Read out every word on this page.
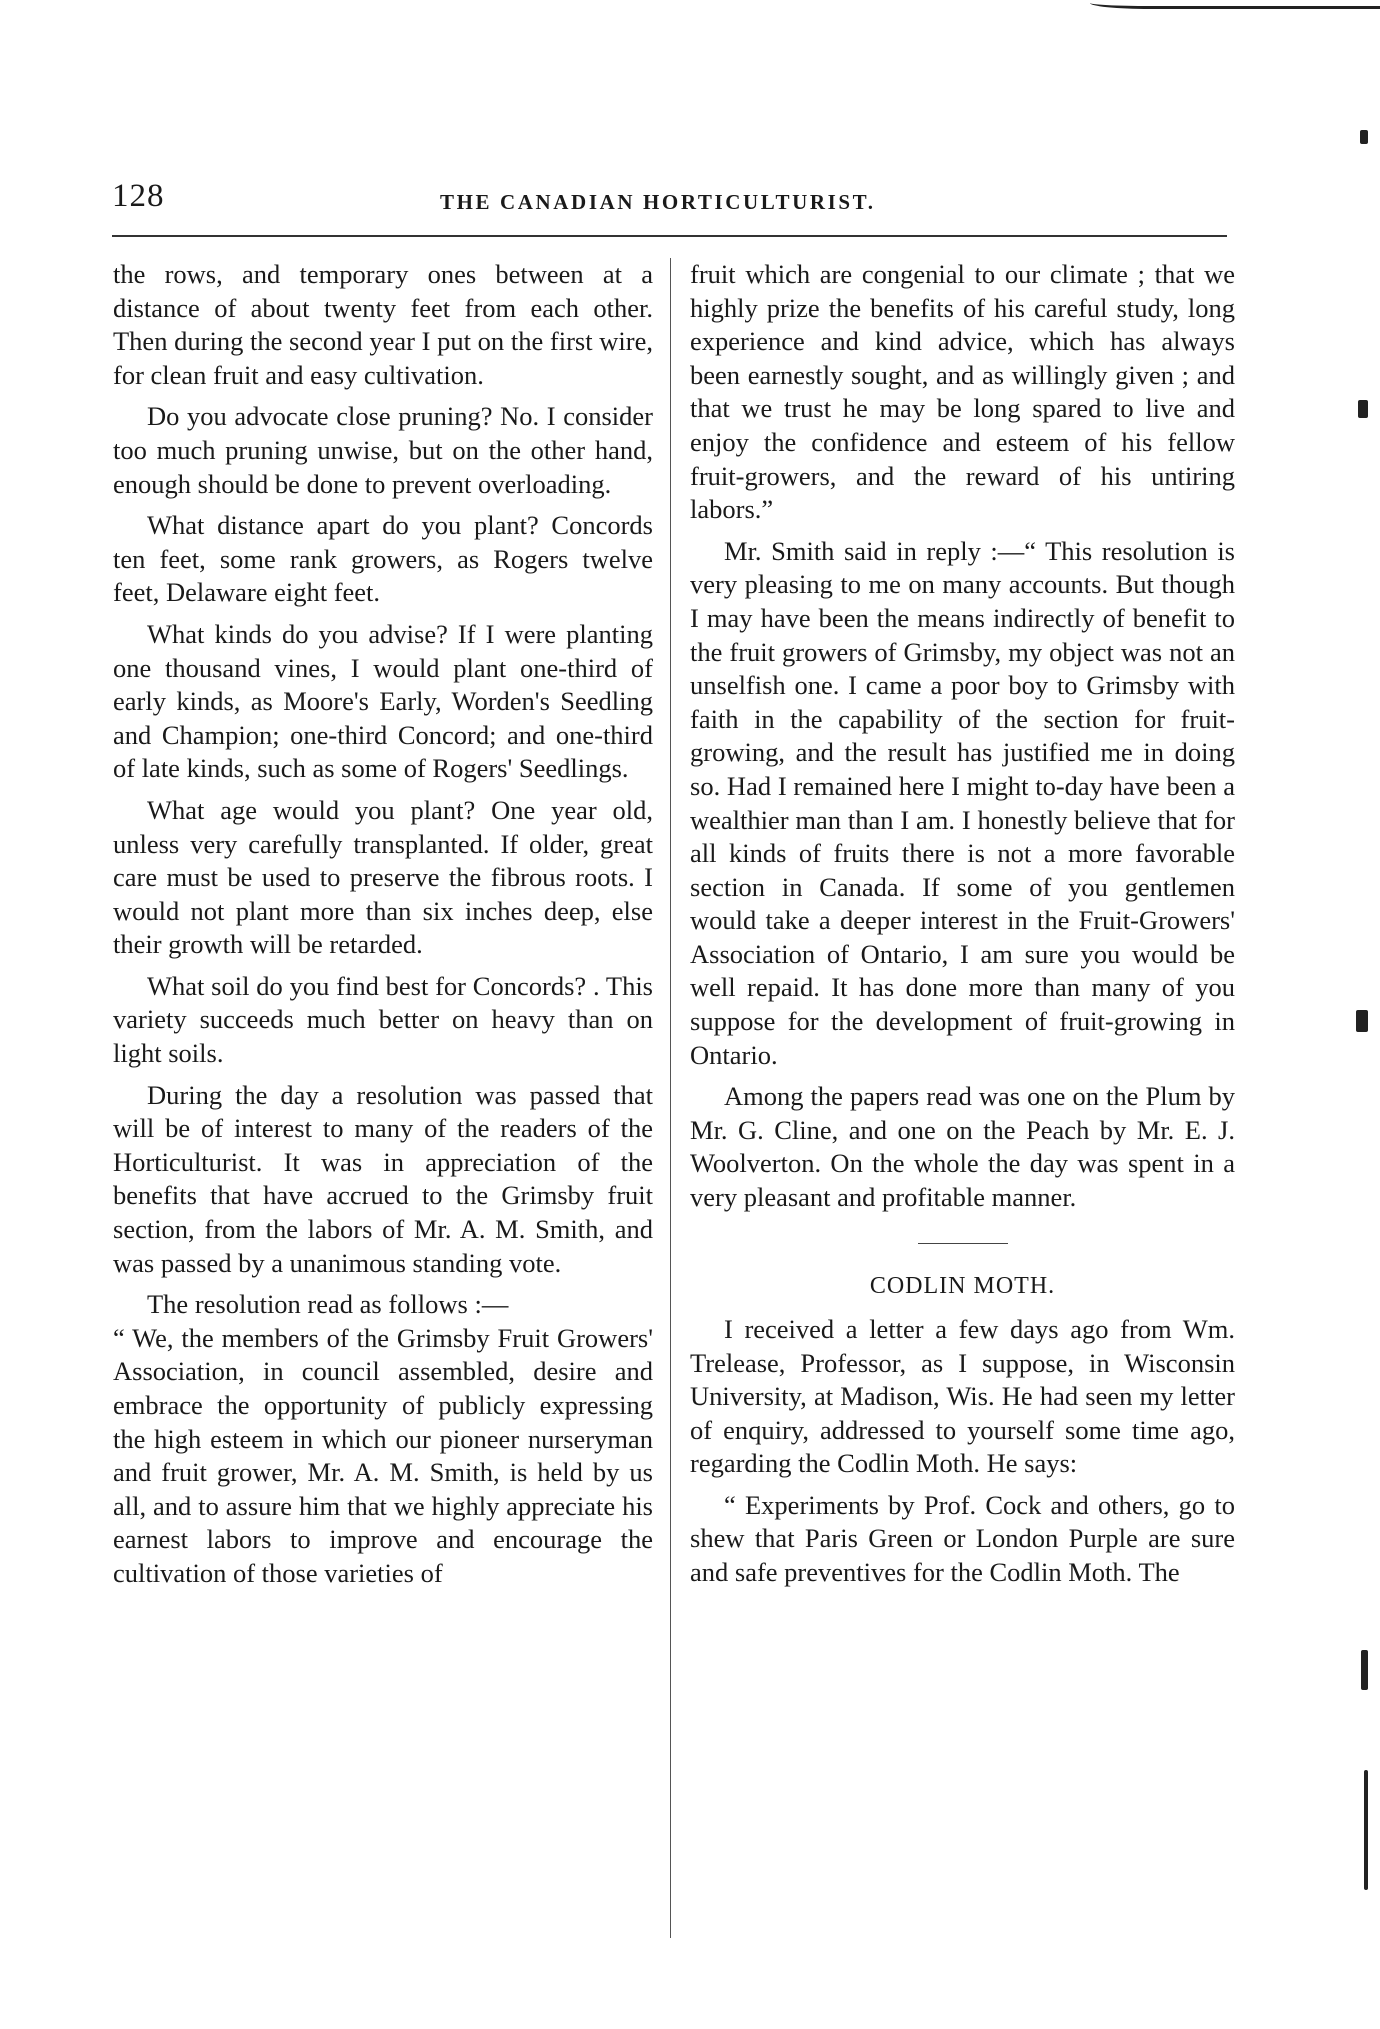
128	THE CANADIAN HORTICULTURIST.

the rows, and temporary ones between at a distance of about twenty feet from each other. Then during the second year I put on the first wire, for clean fruit and easy cultivation.

Do you advocate close pruning? No. I consider too much pruning unwise, but on the other hand, enough should be done to prevent overloading.

What distance apart do you plant? Concords ten feet, some rank growers, as Rogers twelve feet, Delaware eight feet.

What kinds do you advise? If I were planting one thousand vines, I would plant one-third of early kinds, as Moore's Early, Worden's Seedling and Champion; one-third Concord; and one-third of late kinds, such as some of Rogers' Seedlings.

What age would you plant? One year old, unless very carefully transplanted. If older, great care must be used to preserve the fibrous roots. I would not plant more than six inches deep, else their growth will be retarded.

What soil do you find best for Concords? . This variety succeeds much better on heavy than on light soils.

During the day a resolution was passed that will be of interest to many of the readers of the Horticulturist. It was in appreciation of the benefits that have accrued to the Grimsby fruit section, from the labors of Mr. A. M. Smith, and was passed by a unanimous standing vote.

The resolution read as follows :—

“ We, the members of the Grimsby Fruit Growers' Association, in council assembled, desire and embrace the opportunity of publicly expressing the high esteem in which our pioneer nurseryman and fruit grower, Mr. A. M. Smith, is held by us all, and to assure him that we highly appreciate his earnest labors to improve and encourage the cultivation of those varieties of

fruit which are congenial to our climate ; that we highly prize the benefits of his careful study, long experience and kind advice, which has always been earnestly sought, and as willingly given ; and that we trust he may be long spared to live and enjoy the confidence and esteem of his fellow fruit-growers, and the reward of his untiring labors.”

Mr. Smith said in reply :—“ This resolution is very pleasing to me on many accounts. But though I may have been the means indirectly of benefit to the fruit growers of Grimsby, my object was not an unselfish one. I came a poor boy to Grimsby with faith in the capability of the section for fruit-growing, and the result has justified me in doing so. Had I remained here I might to-day have been a wealthier man than I am. I honestly believe that for all kinds of fruits there is not a more favorable section in Canada. If some of you gentlemen would take a deeper interest in the Fruit-Growers' Association of Ontario, I am sure you would be well repaid. It has done more than many of you suppose for the development of fruit-growing in Ontario.

Among the papers read was one on the Plum by Mr. G. Cline, and one on the Peach by Mr. E. J. Woolverton. On the whole the day was spent in a very pleasant and profitable manner.

CODLIN MOTH.

I received a letter a few days ago from Wm. Trelease, Professor, as I suppose, in Wisconsin University, at Madison, Wis. He had seen my letter of enquiry, addressed to yourself some time ago, regarding the Codlin Moth. He says:

“ Experiments by Prof. Cock and others, go to shew that Paris Green or London Purple are sure and safe preventives for the Codlin Moth. The
